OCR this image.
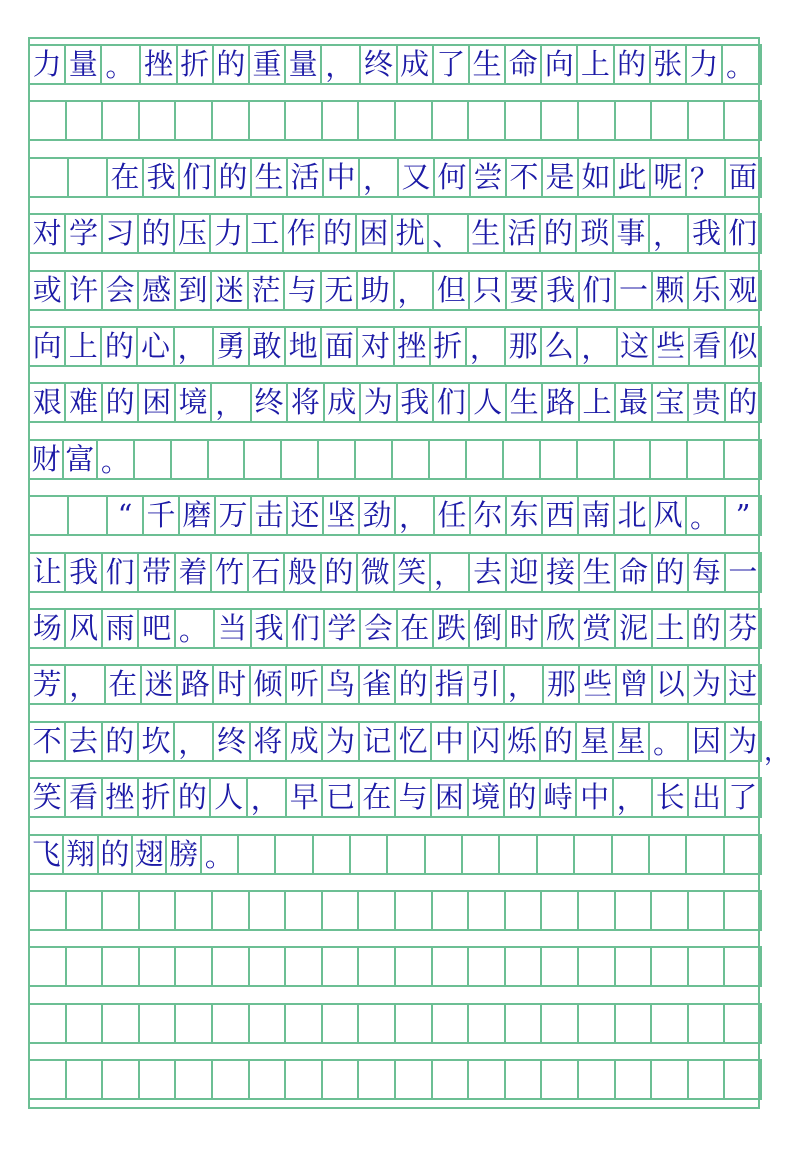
力 量 。 挫 折 的 重 量 ， 终 成 了 生 命 向 上 的 张 力 。
在 我 们 的 生 活 中 ， 又 何 尝 不 是 如 此 呢 ？ 面
对 学 习 的 压 力 工 作 的 困 扰 、 生 活 的 琐 事 ， 我 们
或 许 会 感 到 迷 茫 与 无 助 ， 但 只 要 我 们 一 颗 乐 观
向 上 的 心 ， 勇 敢 地 面 对 挫 折 ， 那 么 ， 这 些 看 似
艰 难 的 困 境 ， 终 将 成 为 我 们 人 生 路 上 最 宝 贵 的
财 富 。
“ 千 磨 万 击 还 坚 劲 ， 任 尔 东 西 南 北 风 。 ”
让 我 们 带 着 竹 石 般 的 微 笑 ， 去 迎 接 生 命 的 每 一
场 风 雨 吧 。 当 我 们 学 会 在 跌 倒 时 欣 赏 泥 土 的 芬
芳 ， 在 迷 路 时 倾 听 鸟 雀 的 指 引 ， 那 些 曾 以 为 过
不 去 的 坎 ， 终 将 成 为 记 忆 中 闪 烁 的 星 星 。 因 为
笑 看 挫 折 的 人 ， 早 已 在 与 困 境 的 峙 中 ， 长 出 了
飞 翔 的 翅 膀 。
，
